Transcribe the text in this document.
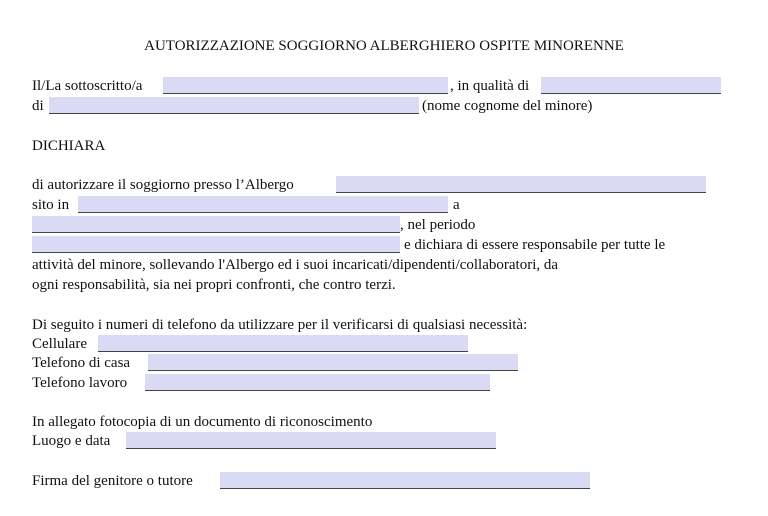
AUTORIZZAZIONE SOGGIORNO ALBERGHIERO OSPITE MINORENNE
Il/La sottoscritto/a	, in qualità di
di	(nome cognome del minore)
DICHIARA
di autorizzare il soggiorno presso l’Albergo
sito in	a
, nel periodo
e dichiara di essere responsabile per tutte le
attività del minore, sollevando l'Albergo ed i suoi incaricati/dipendenti/collaboratori, da
ogni responsabilità, sia nei propri confronti, che contro terzi.
Di seguito i numeri di telefono da utilizzare per il verificarsi di qualsiasi necessità:
Cellulare
Telefono di casa
Telefono lavoro
In allegato fotocopia di un documento di riconoscimento
Luogo e data
Firma del genitore o tutore
